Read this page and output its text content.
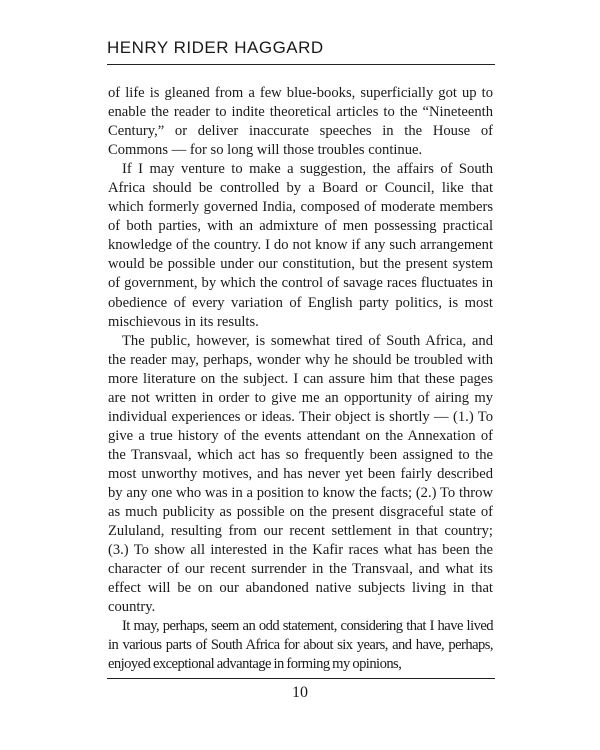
HENRY RIDER HAGGARD

of life is gleaned from a few blue-books, superficially got up to enable the reader to indite theoretical articles to the “Nineteenth Century,” or deliver inaccurate speeches in the House of Commons — for so long will those troubles continue.

If I may venture to make a suggestion, the affairs of South Africa should be controlled by a Board or Council, like that which formerly governed India, composed of moderate members of both parties, with an admixture of men possessing practical knowledge of the country. I do not know if any such arrangement would be possible under our constitution, but the present system of government, by which the control of savage races fluctuates in obedience of every variation of English party politics, is most mischievous in its results.

The public, however, is somewhat tired of South Africa, and the reader may, perhaps, wonder why he should be troubled with more literature on the subject. I can assure him that these pages are not written in order to give me an opportunity of airing my individual experiences or ideas. Their object is shortly — (1.) To give a true history of the events attendant on the Annexation of the Transvaal, which act has so frequently been assigned to the most unworthy motives, and has never yet been fairly described by any one who was in a position to know the facts; (2.) To throw as much publicity as possible on the present disgraceful state of Zululand, resulting from our recent settlement in that country; (3.) To show all interested in the Kafir races what has been the character of our recent surrender in the Transvaal, and what its effect will be on our abandoned native subjects living in that country.

It may, perhaps, seem an odd statement, considering that I have lived in various parts of South Africa for about six years, and have, perhaps, enjoyed exceptional advantage in forming my opinions,

10
